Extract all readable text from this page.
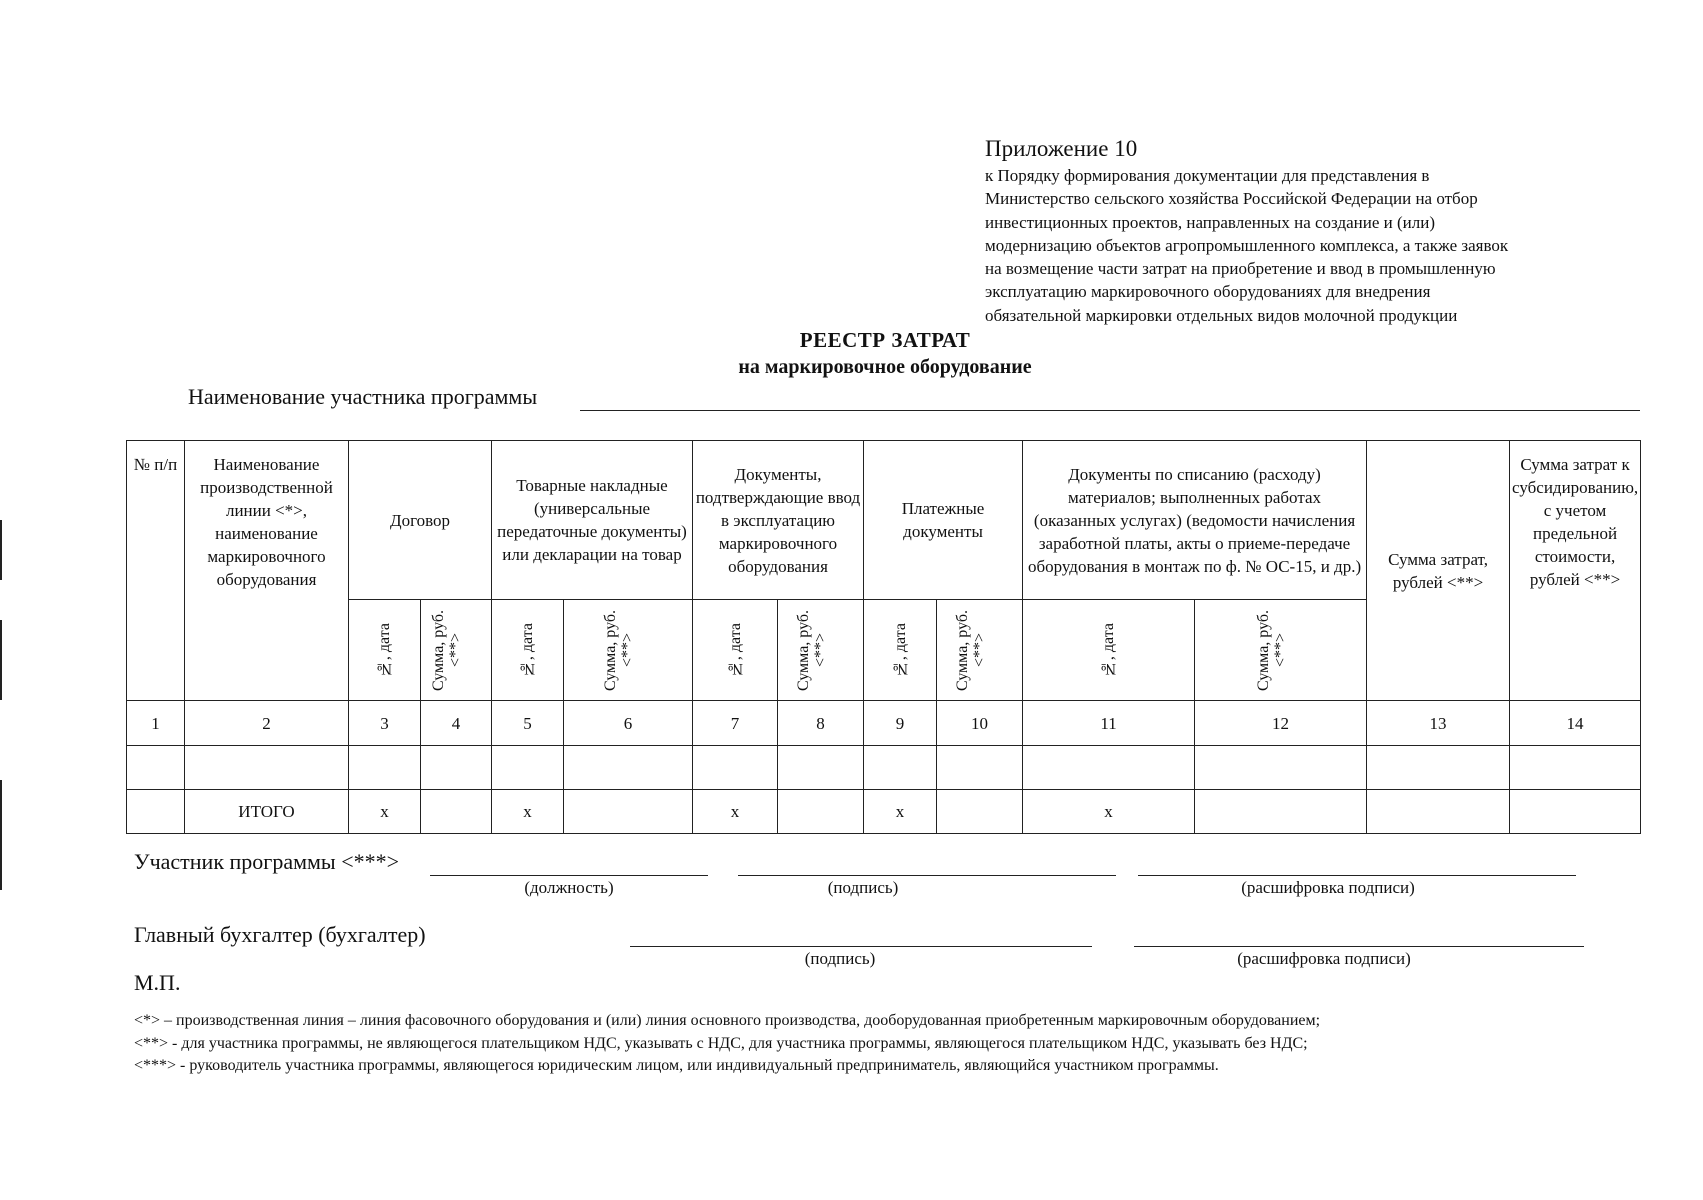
Приложение 10
к Порядку формирования документации для представления в
Министерство сельского хозяйства Российской Федерации на отбор
инвестиционных проектов, направленных на создание и (или)
модернизацию объектов агропромышленного комплекса, а также заявок
на возмещение части затрат на приобретение и ввод в промышленную
эксплуатацию маркировочного оборудованиях для внедрения
обязательной маркировки отдельных видов молочной продукции
РЕЕСТР ЗАТРАТ
на маркировочное оборудование
Наименование участника программы
№ п/п	Наименование производственной линии <*>, наименование маркировочного оборудования	Договор		Товарные накладные (универсальные передаточные документы) или декларации на товар		Документы, подтверждающие ввод в эксплуатацию маркировочного оборудования		Платежные документы		Документы по списанию (расходу) материалов; выполненных работах (оказанных услугах) (ведомости начисления заработной платы, акты о приеме-передаче оборудования в монтаж по ф. № ОС-15, и др.)		Сумма затрат, рублей <**>	Сумма затрат к субсидированию, с учетом предельной стоимости, рублей <**>

		№, дата	Сумма, руб. <**>	№, дата	Сумма, руб. <**>	№, дата	Сумма, руб. <**>	№, дата	Сумма, руб. <**>	№, дата	Сумма, руб. <**>		

1	2	3	4	5	6	7	8	9	10	11	12	13	14

	ИТОГО	х		х		х		х		х			
Участник программы <***>
(должность)	(подпись)	(расшифровка подписи)
Главный бухгалтер (бухгалтер)
(подпись)	(расшифровка подписи)
М.П.

<*> – производственная линия – линия фасовочного оборудования и (или) линия основного производства, дооборудованная приобретенным маркировочным оборудованием;

<**> - для участника программы, не являющегося плательщиком НДС, указывать с НДС, для участника программы, являющегося плательщиком НДС, указывать без НДС;

<***> - руководитель участника программы, являющегося юридическим лицом, или индивидуальный предприниматель, являющийся участником программы.
